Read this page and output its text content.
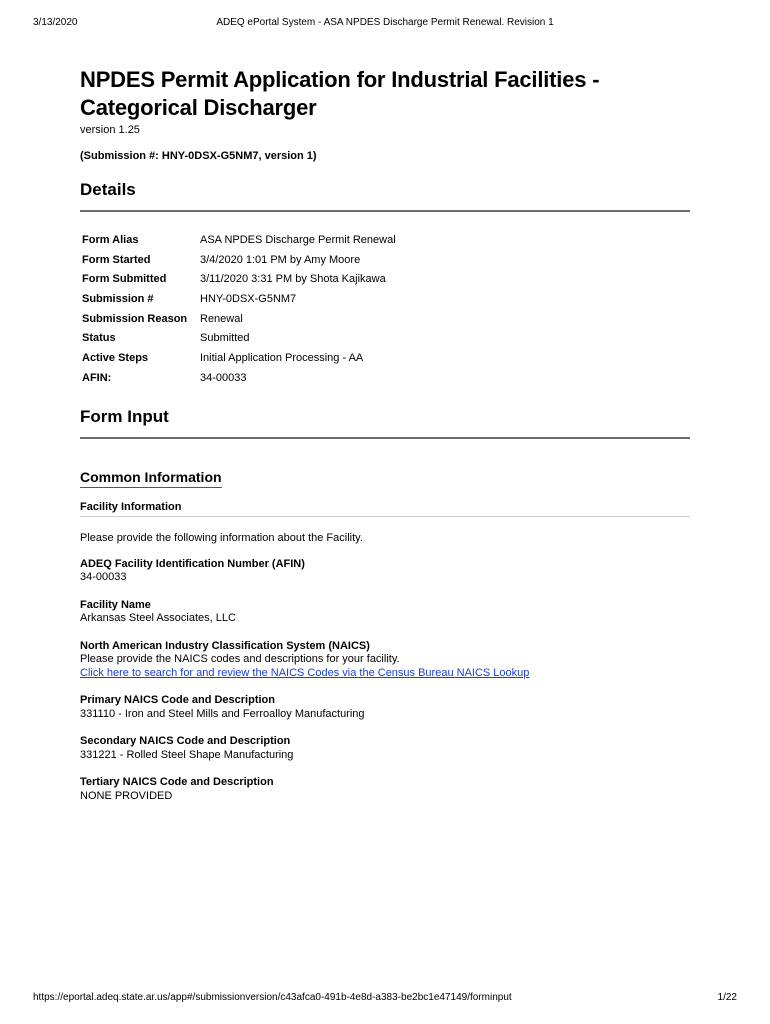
3/13/2020	ADEQ ePortal System - ASA NPDES Discharge Permit Renewal. Revision 1
NPDES Permit Application for Industrial Facilities -
Categorical Discharger
version 1.25
(Submission #: HNY-0DSX-G5NM7, version 1)
Details
Form Alias	ASA NPDES Discharge Permit Renewal
Form Started	3/4/2020 1:01 PM by Amy Moore
Form Submitted	3/11/2020 3:31 PM by Shota Kajikawa
Submission #	HNY-0DSX-G5NM7
Submission Reason	Renewal
Status	Submitted
Active Steps	Initial Application Processing - AA
AFIN:	34-00033
Form Input
Common Information
Facility Information
Please provide the following information about the Facility.
ADEQ Facility Identification Number (AFIN)
34-00033
Facility Name
Arkansas Steel Associates, LLC
North American Industry Classification System (NAICS)
Please provide the NAICS codes and descriptions for your facility.
Click here to search for and review the NAICS Codes via the Census Bureau NAICS Lookup
Primary NAICS Code and Description
331110 - Iron and Steel Mills and Ferroalloy Manufacturing
Secondary NAICS Code and Description
331221 - Rolled Steel Shape Manufacturing
Tertiary NAICS Code and Description
NONE PROVIDED
https://eportal.adeq.state.ar.us/app#/submissionversion/c43afca0-491b-4e8d-a383-be2bc1e47149/forminput	1/22
